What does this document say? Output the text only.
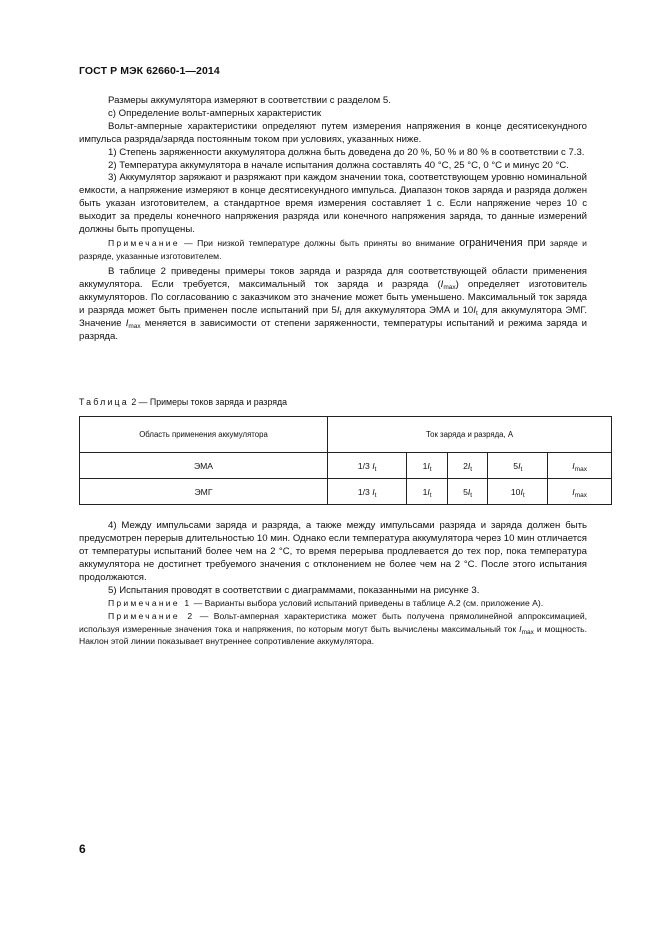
ГОСТ Р МЭК 62660-1—2014

Размеры аккумулятора измеряют в соответствии с разделом 5.

с) Определение вольт-амперных характеристик

Вольт-амперные характеристики определяют путем измерения напряжения в конце десятисекундного импульса разряда/заряда постоянным током при условиях, указанных ниже.

1) Степень заряженности аккумулятора должна быть доведена до 20 %, 50 % и 80 % в соответствии с 7.3.

2) Температура аккумулятора в начале испытания должна составлять 40 °С, 25 °С, 0 °С и минус 20 °С.

3) Аккумулятор заряжают и разряжают при каждом значении тока, соответствующем уровню номинальной емкости, а напряжение измеряют в конце десятисекундного импульса. Диапазон токов заряда и разряда должен быть указан изготовителем, а стандартное время измерения составляет 1 с. Если напряжение через 10 с выходит за пределы конечного напряжения разряда или конечного напряжения заряда, то данные измерений должны быть пропущены.

Примечание — При низкой температуре должны быть приняты во внимание ограничения при заряде и разряде, указанные изготовителем.

В таблице 2 приведены примеры токов заряда и разряда для соответствующей области применения аккумулятора. Если требуется, максимальный ток заряда и разряда $(I_{max})$ определяет изготовитель аккумуляторов. По согласованию с заказчиком это значение может быть уменьшено. Максимальный ток заряда и разряда может быть применен после испытаний при $5I_t$ для аккумулятора ЭМА и $10I_t$ для аккумулятора ЭМГ. Значение $I_{max}$ меняется в зависимости от степени заряженности, температуры испытаний и режима заряда и разряда.

Таблица 2 — Примеры токов заряда и разряда
Область применения аккумулятора	Ток заряда и разряда, А				
ЭМА	1/3 $I_t$	$1I_t$	$2I_t$	$5I_t$	$I_{max}$
ЭМГ	1/3 $I_t$	$1I_t$	$5I_t$	$10I_t$	$I_{max}$

4) Между импульсами заряда и разряда, а также между импульсами разряда и заряда должен быть предусмотрен перерыв длительностью 10 мин. Однако если температура аккумулятора через 10 мин отличается от температуры испытаний более чем на 2 °С, то время перерыва продлевается до тех пор, пока температура аккумулятора не достигнет требуемого значения с отклонением не более чем на 2 °С. После этого испытания продолжаются.

5) Испытания проводят в соответствии с диаграммами, показанными на рисунке 3.

Примечание 1 — Варианты выбора условий испытаний приведены в таблице А.2 (см. приложение А).

Примечание 2 — Вольт-амперная характеристика может быть получена прямолинейной аппроксимацией, используя измеренные значения тока и напряжения, по которым могут быть вычислены максимальный ток $I_{max}$ и мощность. Наклон этой линии показывает внутреннее сопротивление аккумулятора.

6
